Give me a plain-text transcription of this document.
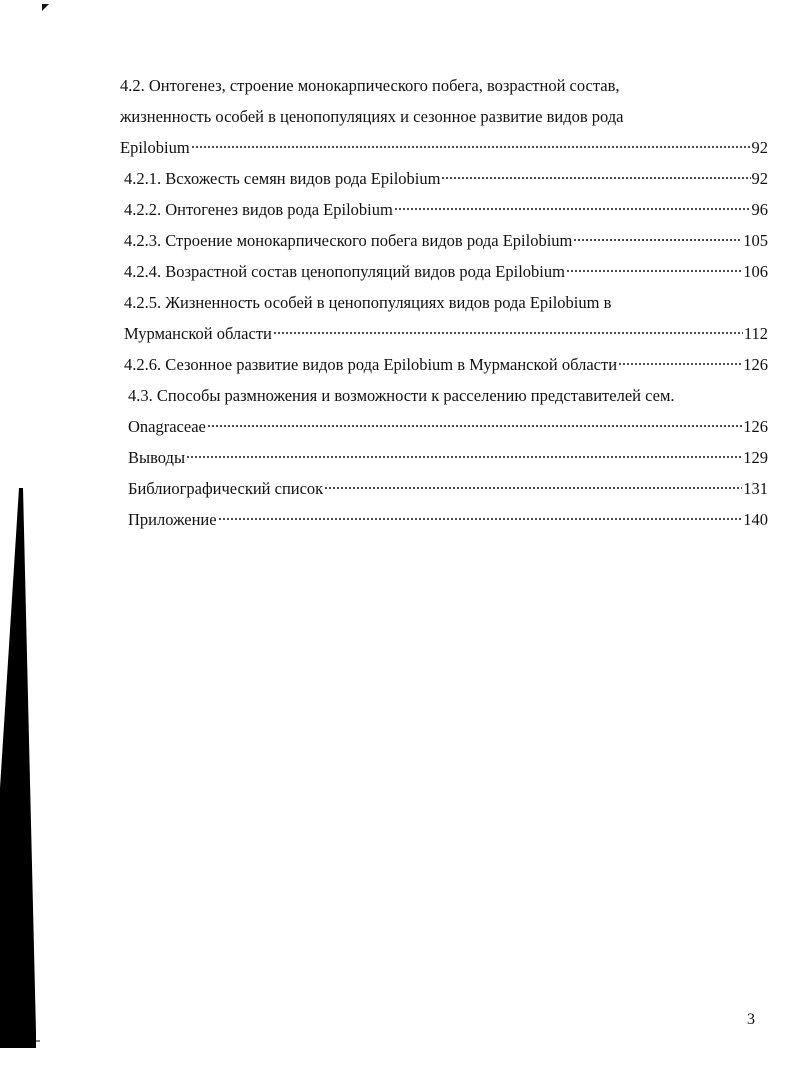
4.2. Онтогенез, строение монокарпического побега, возрастной состав,
жизненность особей в ценопопуляциях и сезонное развитие видов рода
Epilobium	92
4.2.1. Всхожесть семян видов рода Epilobium	92
4.2.2. Онтогенез видов рода Epilobium	96
4.2.3. Строение монокарпического побега видов рода Epilobium	105
4.2.4. Возрастной состав ценопопуляций видов рода Epilobium	106
4.2.5. Жизненность особей в ценопопуляциях видов рода Epilobium в
Мурманской области	112
4.2.6. Сезонное развитие видов рода Epilobium в Мурманской области	126
4.3. Способы размножения и возможности к расселению представителей сем.
Onagraceae	126
Выводы	129
Библиографический список	131
Приложение	140
3
